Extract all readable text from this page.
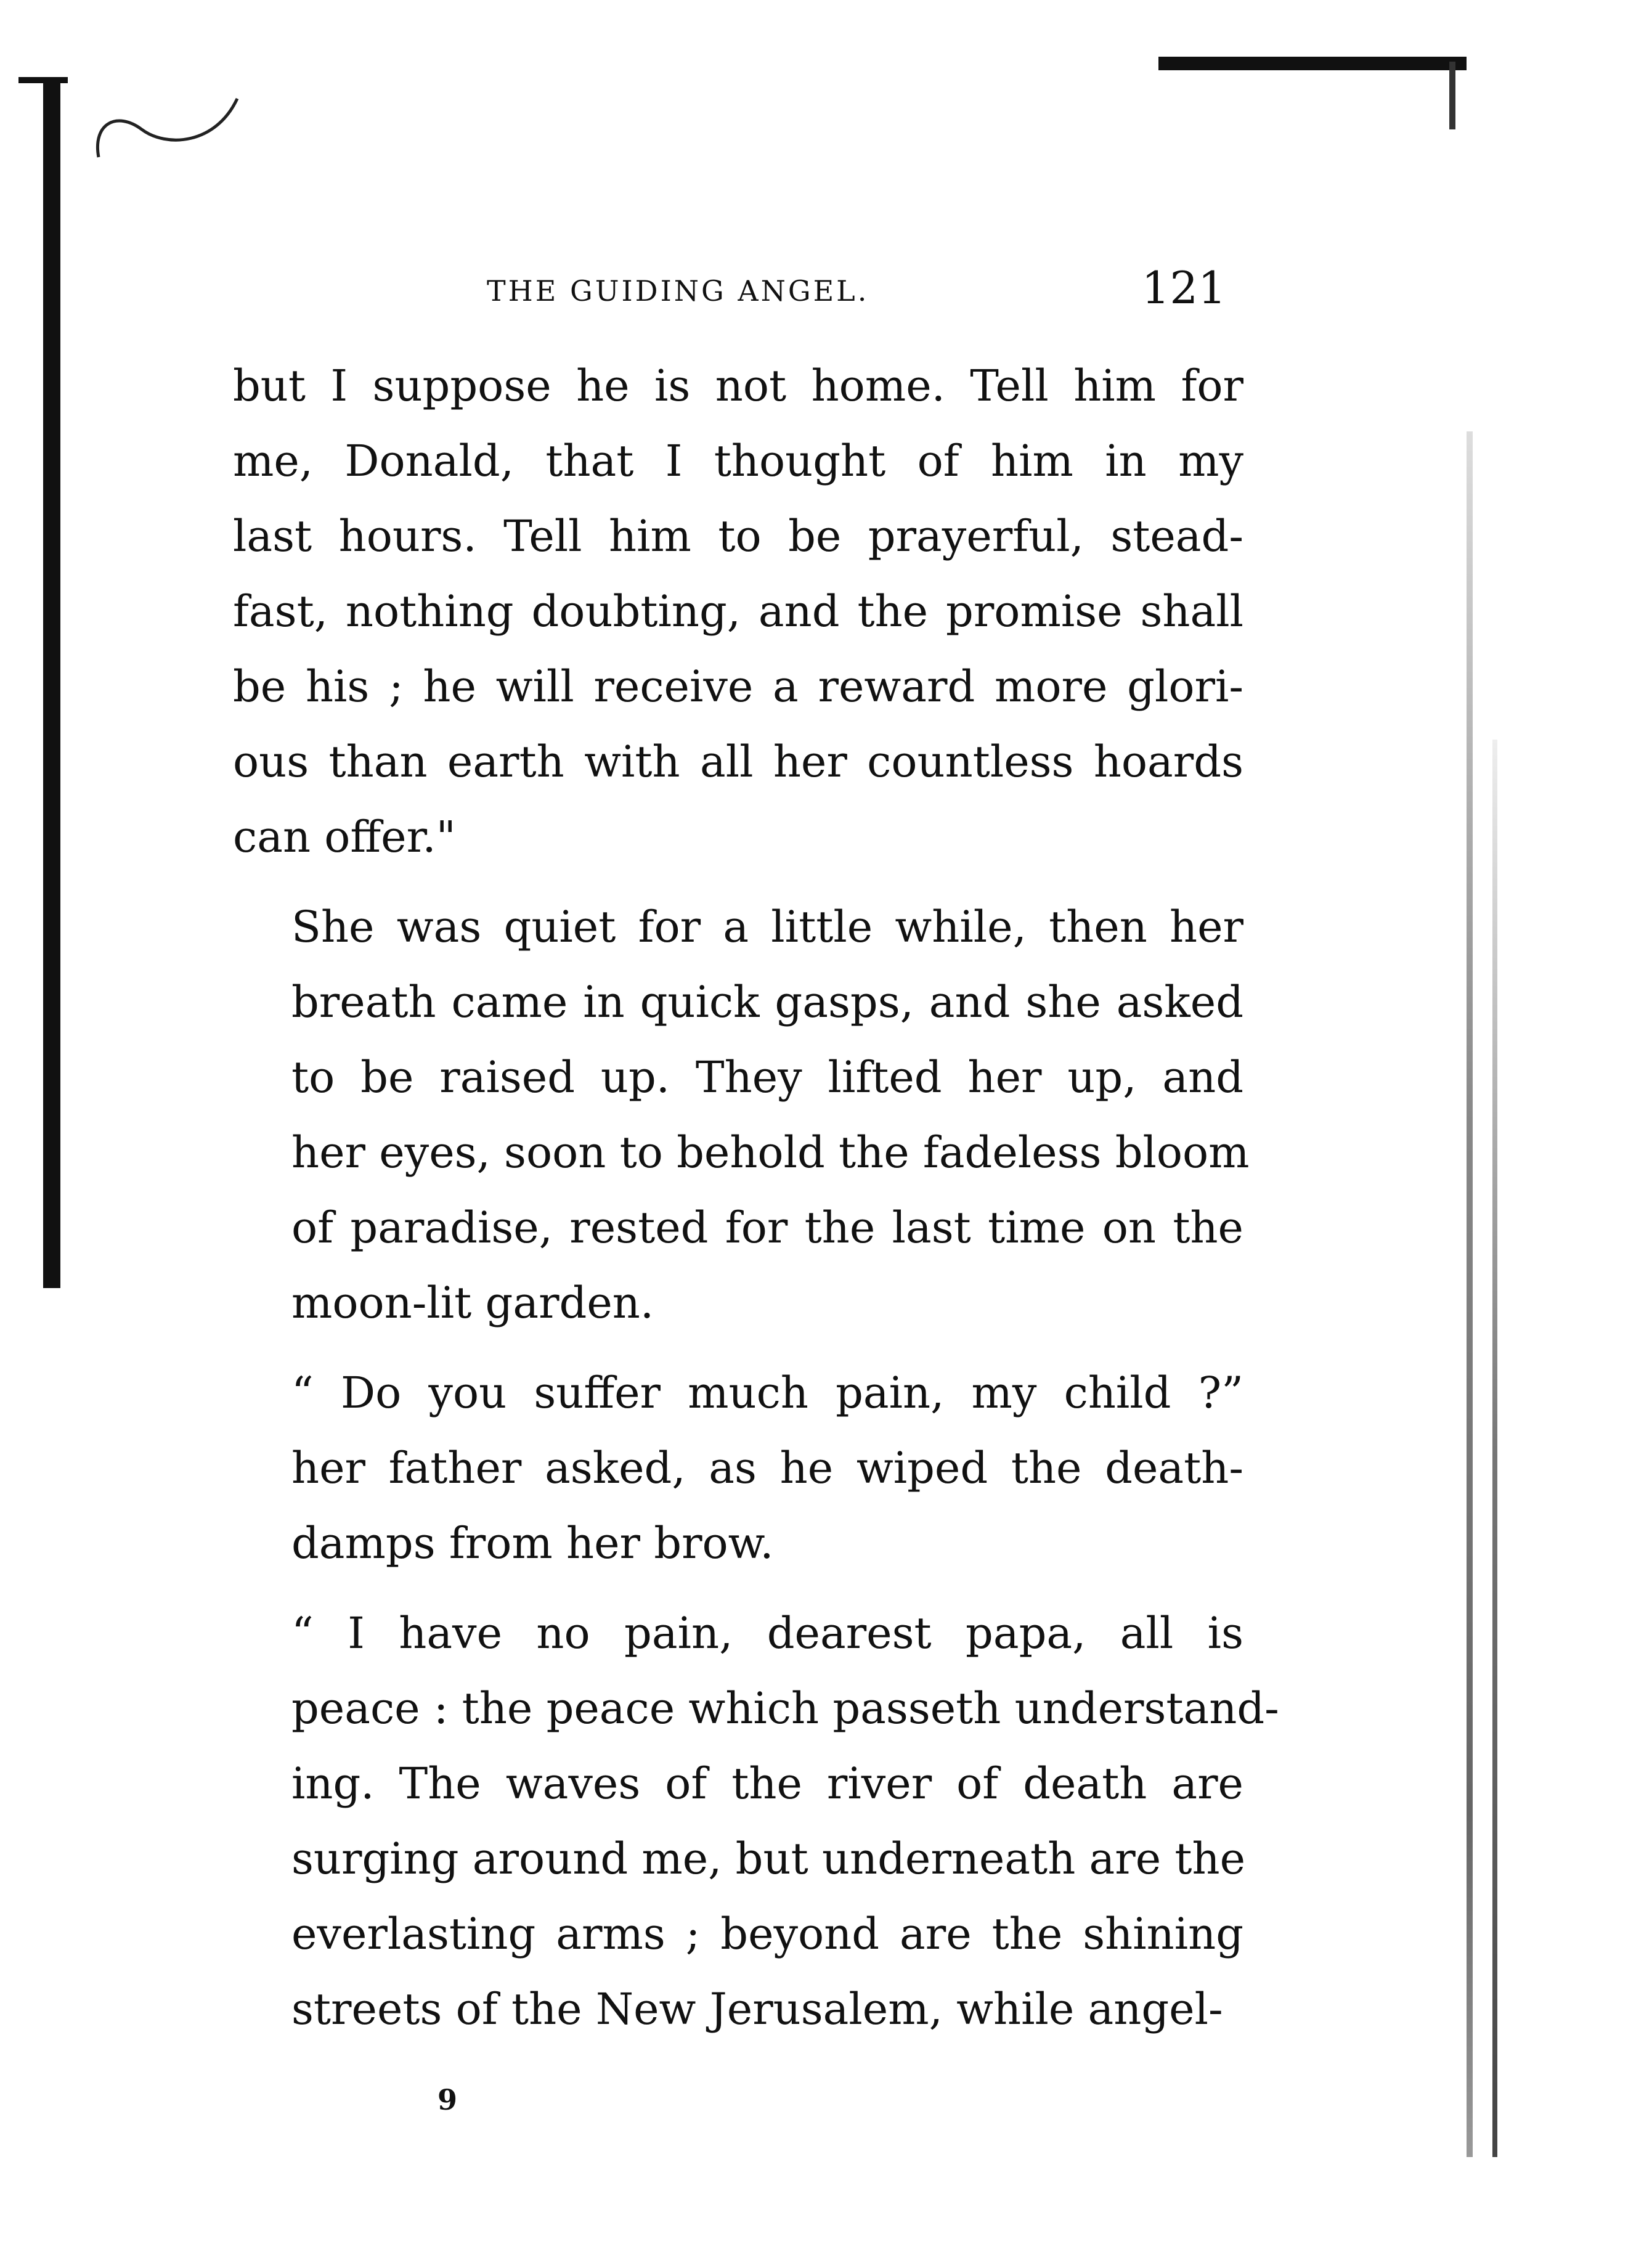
THE GUIDING ANGEL.	121
but I suppose he is not home. Tell him for
me, Donald, that I thought of him in my
last hours. Tell him to be prayerful, stead-
fast, nothing doubting, and the promise shall
be his ; he will receive a reward more glori-
ous than earth with all her countless hoards
can offer."
She was quiet for a little while, then her
breath came in quick gasps, and she asked
to be raised up. They lifted her up, and
her eyes, soon to behold the fadeless bloom
of paradise, rested for the last time on the
moon-lit garden.
“ Do you suffer much pain, my child ?”
her father asked, as he wiped the death-
damps from her brow.
“ I have no pain, dearest papa, all is
peace : the peace which passeth understand-
ing. The waves of the river of death are
surging around me, but underneath are the
everlasting arms ; beyond are the shining
streets of the New Jerusalem, while angel-
9
